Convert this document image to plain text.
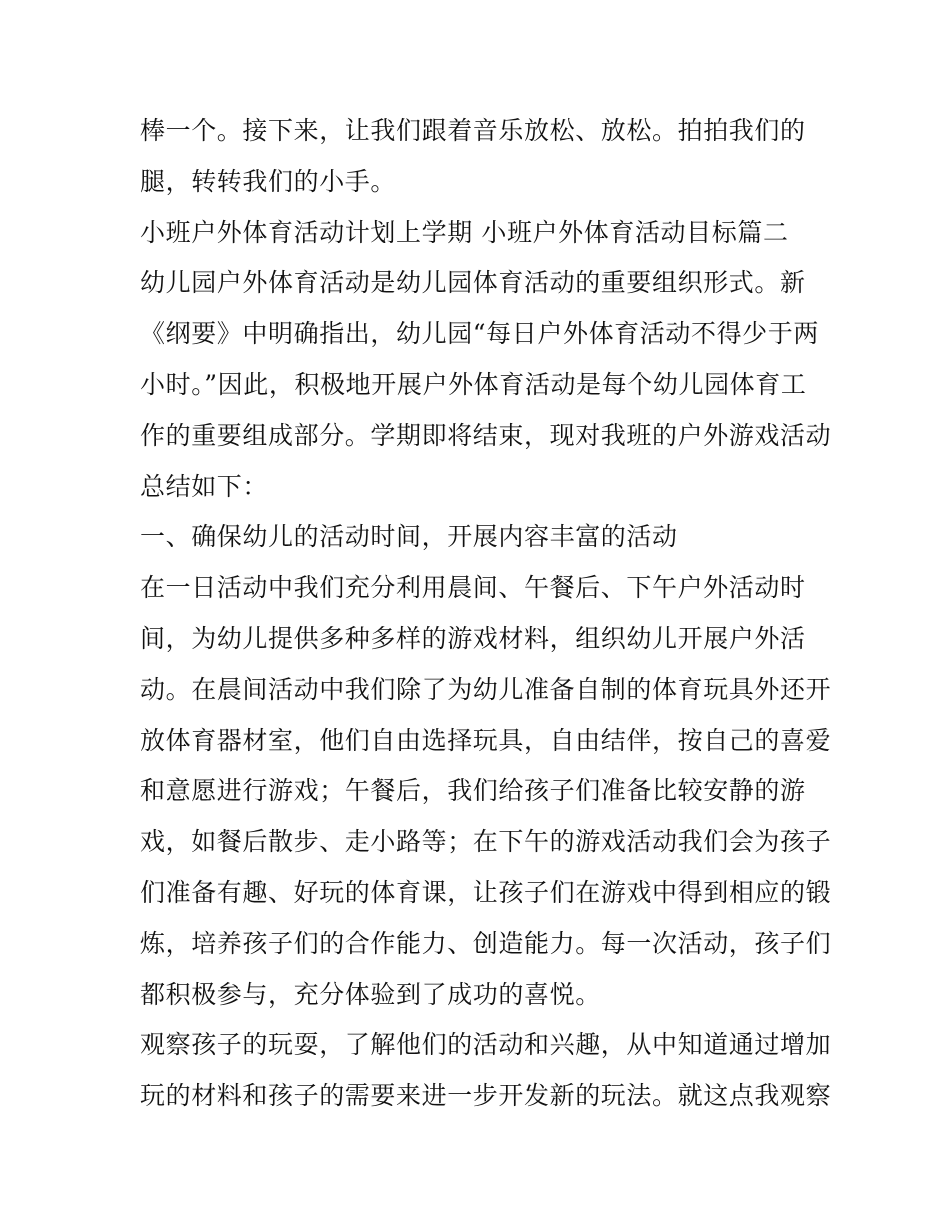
棒一个。接下来，让我们跟着音乐放松、放松。拍拍我们的
腿，转转我们的小手。
小班户外体育活动计划上学期 小班户外体育活动目标篇二
幼儿园户外体育活动是幼儿园体育活动的重要组织形式。新
《纲要》中明确指出，幼儿园“每日户外体育活动不得少于两
小时。”因此，积极地开展户外体育活动是每个幼儿园体育工
作的重要组成部分。学期即将结束，现对我班的户外游戏活动
总结如下：
一、确保幼儿的活动时间，开展内容丰富的活动
在一日活动中我们充分利用晨间、午餐后、下午户外活动时
间，为幼儿提供多种多样的游戏材料，组织幼儿开展户外活
动。在晨间活动中我们除了为幼儿准备自制的体育玩具外还开
放体育器材室，他们自由选择玩具，自由结伴，按自己的喜爱
和意愿进行游戏；午餐后，我们给孩子们准备比较安静的游
戏，如餐后散步、走小路等；在下午的游戏活动我们会为孩子
们准备有趣、好玩的体育课，让孩子们在游戏中得到相应的锻
炼，培养孩子们的合作能力、创造能力。每一次活动，孩子们
都积极参与，充分体验到了成功的喜悦。
观察孩子的玩耍，了解他们的活动和兴趣，从中知道通过增加
玩的材料和孩子的需要来进一步开发新的玩法。就这点我观察
